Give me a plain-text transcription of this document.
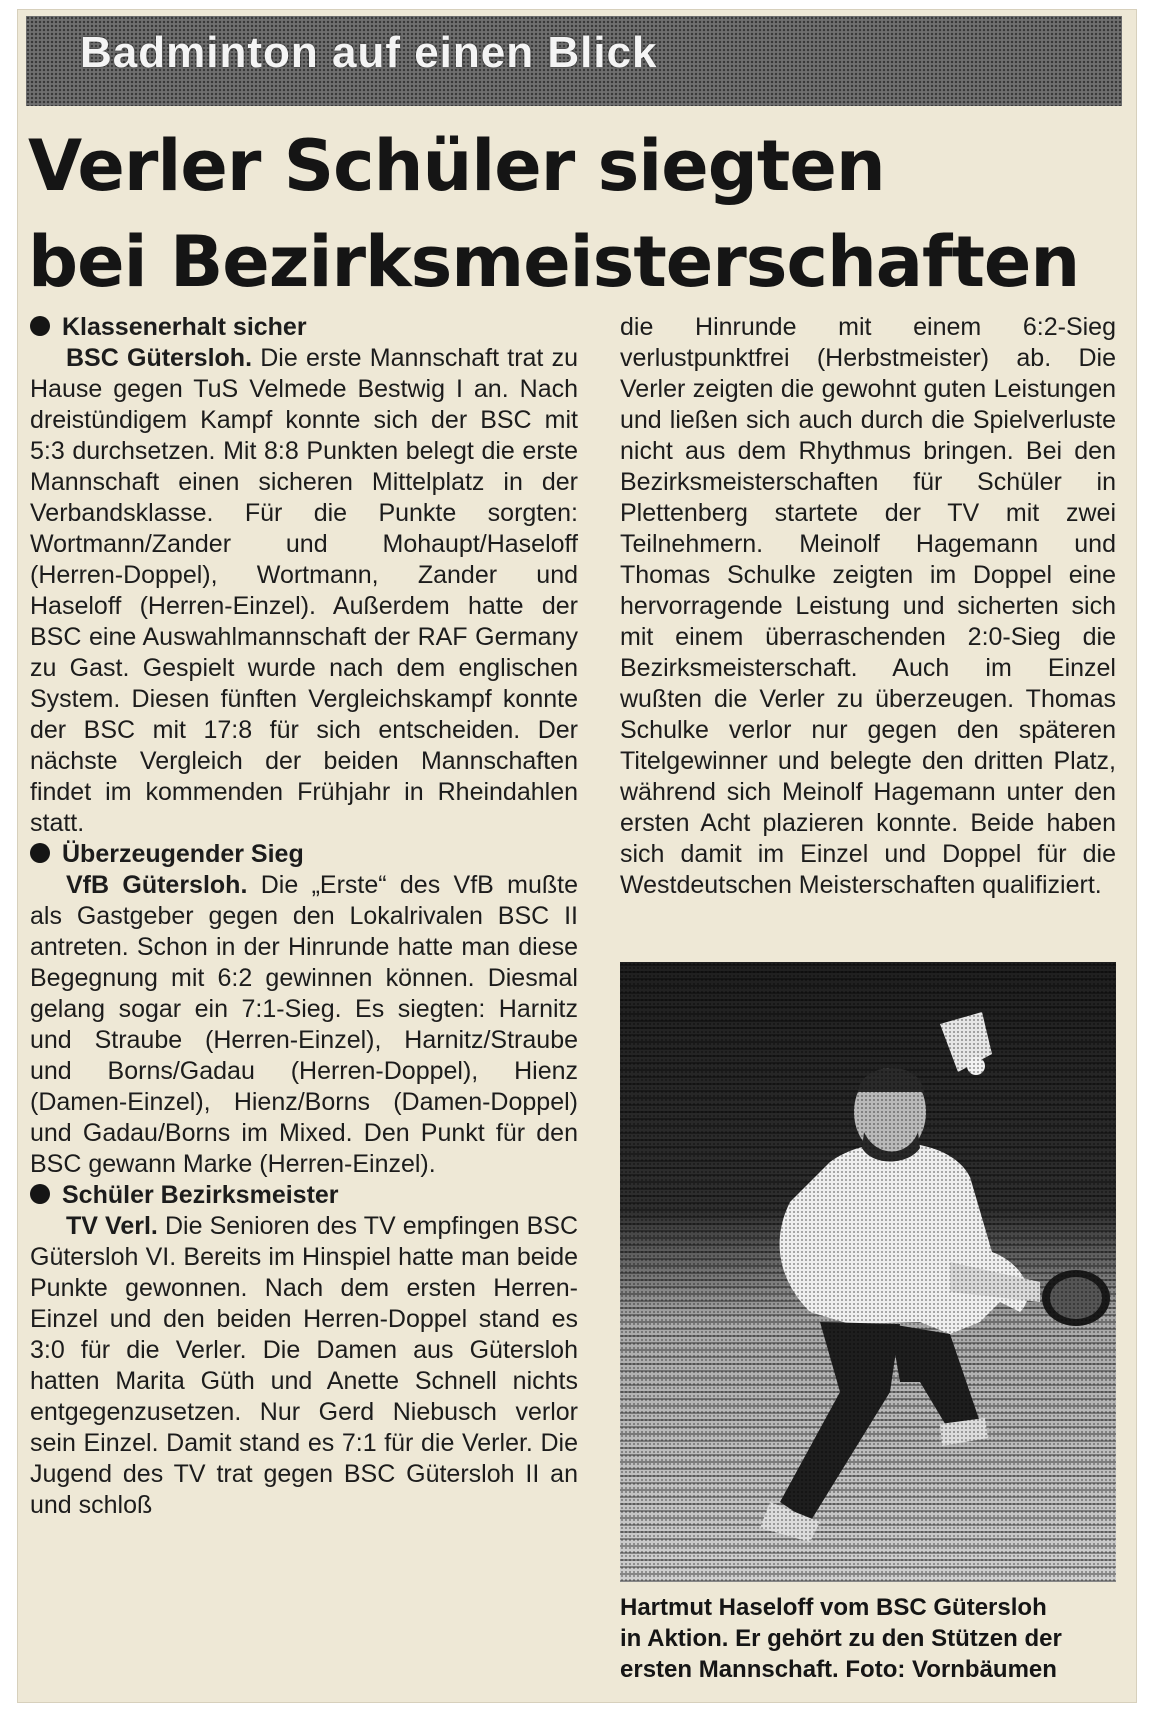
Badminton auf einen Blick
Verler Schüler siegten
bei Bezirksmeisterschaften
Klassenerhalt sicher

BSC Gütersloh. Die erste Mannschaft trat zu Hause gegen TuS Velmede Bestwig I an. Nach dreistündigem Kampf konnte sich der BSC mit 5:3 durchsetzen. Mit 8:8 Punkten belegt die erste Mannschaft einen sicheren Mittelplatz in der Verbandsklasse. Für die Punkte sorgten: Wortmann/Zander und Mohaupt/Haseloff (Herren-Doppel), Wortmann, Zander und Haseloff (Herren-Einzel). Außerdem hatte der BSC eine Auswahlmannschaft der RAF Germany zu Gast. Gespielt wurde nach dem englischen System. Diesen fünften Vergleichskampf konnte der BSC mit 17:8 für sich entscheiden. Der nächste Vergleich der beiden Mannschaften findet im kommenden Frühjahr in Rheindahlen statt.

Überzeugender Sieg

VfB Gütersloh. Die „Erste“ des VfB mußte als Gastgeber gegen den Lokalrivalen BSC II antreten. Schon in der Hinrunde hatte man diese Begegnung mit 6:2 gewinnen können. Diesmal gelang sogar ein 7:1-Sieg. Es siegten: Harnitz und Straube (Herren-Einzel), Harnitz/Straube und Borns/Gadau (Herren-Doppel), Hienz (Damen-Einzel), Hienz/Borns (Damen-Doppel) und Gadau/Borns im Mixed. Den Punkt für den BSC gewann Marke (Herren-Einzel).

Schüler Bezirksmeister

TV Verl. Die Senioren des TV empfingen BSC Gütersloh VI. Bereits im Hinspiel hatte man beide Punkte gewonnen. Nach dem ersten Herren-Einzel und den beiden Herren-Doppel stand es 3:0 für die Verler. Die Damen aus Gütersloh hatten Marita Güth und Anette Schnell nichts entgegenzusetzen. Nur Gerd Niebusch verlor sein Einzel. Damit stand es 7:1 für die Verler. Die Jugend des TV trat gegen BSC Gütersloh II an und schloß

die Hinrunde mit einem 6:2-Sieg verlustpunktfrei (Herbstmeister) ab. Die Verler zeigten die gewohnt guten Leistungen und ließen sich auch durch die Spielverluste nicht aus dem Rhythmus bringen. Bei den Bezirksmeisterschaften für Schüler in Plettenberg startete der TV mit zwei Teilnehmern. Meinolf Hagemann und Thomas Schulke zeigten im Doppel eine hervorragende Leistung und sicherten sich mit einem überraschenden 2:0-Sieg die Bezirksmeisterschaft. Auch im Einzel wußten die Verler zu überzeugen. Thomas Schulke verlor nur gegen den späteren Titelgewinner und belegte den dritten Platz, während sich Meinolf Hagemann unter den ersten Acht plazieren konnte. Beide haben sich damit im Einzel und Doppel für die Westdeutschen Meisterschaften qualifiziert.

Hartmut Haseloff vom BSC Gütersloh

in Aktion. Er gehört zu den Stützen der

ersten Mannschaft. Foto: Vornbäumen
